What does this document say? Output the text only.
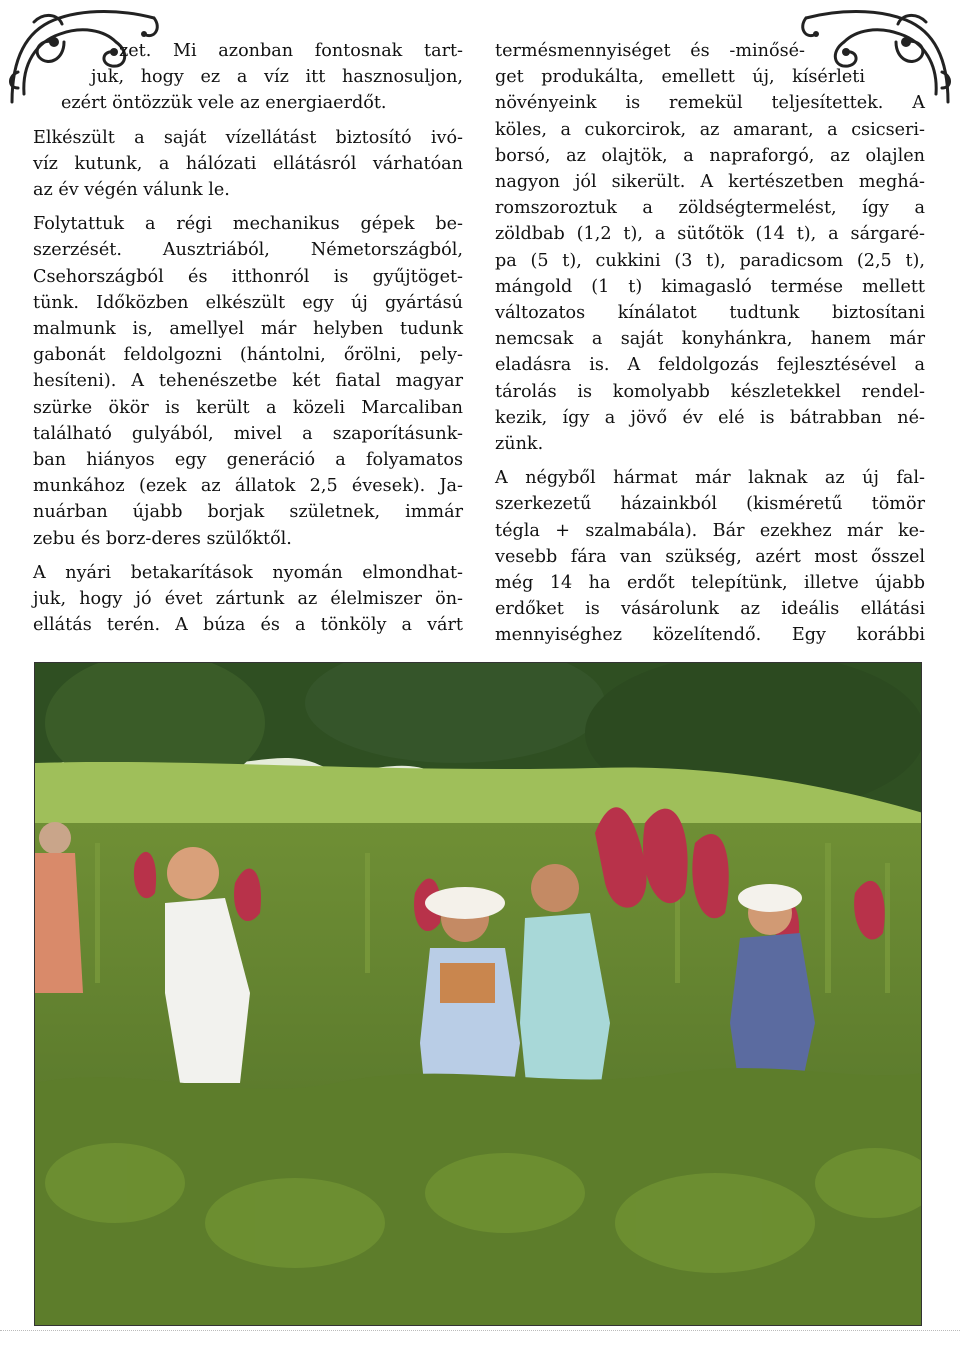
zet. Mi azonban fontosnak tart-
juk, hogy ez a víz itt hasznosuljon,
ezért öntözzük vele az energiaerdőt.

Elkészült a saját vízellátást biztosító ivó-
víz kutunk, a hálózati ellátásról várhatóan
az év végén válunk le.

Folytattuk a régi mechanikus gépek be-
szerzését. Ausztriából, Németországból,
Csehországból és itthonról is gyűjtöget-
tünk. Időközben elkészült egy új gyártású
malmunk is, amellyel már helyben tudunk
gabonát feldolgozni (hántolni, őrölni, pely-
hesíteni). A tehenészetbe két fiatal magyar
szürke ökör is került a közeli Marcaliban
található gulyából, mivel a szaporításunk-
ban hiányos egy generáció a folyamatos
munkához (ezek az állatok 2,5 évesek). Ja-
nuárban újabb borjak születnek, immár
zebu és borz-deres szülőktől.

A nyári betakarítások nyomán elmondhat-
juk, hogy jó évet zártunk az élelmiszer ön-
ellátás terén. A búza és a tönköly a várt

termésmennyiséget és -minősé-
get produkálta, emellett új, kísérleti
növényeink is remekül teljesítettek. A
köles, a cukorcirok, az amarant, a csicseri-
borsó, az olajtök, a napraforgó, az olajlen
nagyon jól sikerült. A kertészetben meghá-
romszoroztuk a zöldségtermelést, így a
zöldbab (1,2 t), a sütőtök (14 t), a sárgaré-
pa (5 t), cukkini (3 t), paradicsom (2,5 t),
mángold (1 t) kimagasló termése mellett
változatos kínálatot tudtunk biztosítani
nemcsak a saját konyhánkra, hanem már
eladásra is. A feldolgozás fejlesztésével a
tárolás is komolyabb készletekkel rendel-
kezik, így a jövő év elé is bátrabban né-
zünk.

A négyből hármat már laknak az új fal-
szerkezetű házainkból (kisméretű tömör
tégla + szalmabála). Bár ezekhez már ke-
vesebb fára van szükség, azért most ősszel
még 14 ha erdőt telepítünk, illetve újabb
erdőket is vásárolunk az ideális ellátási
mennyiséghez közelítendő. Egy korábbi
